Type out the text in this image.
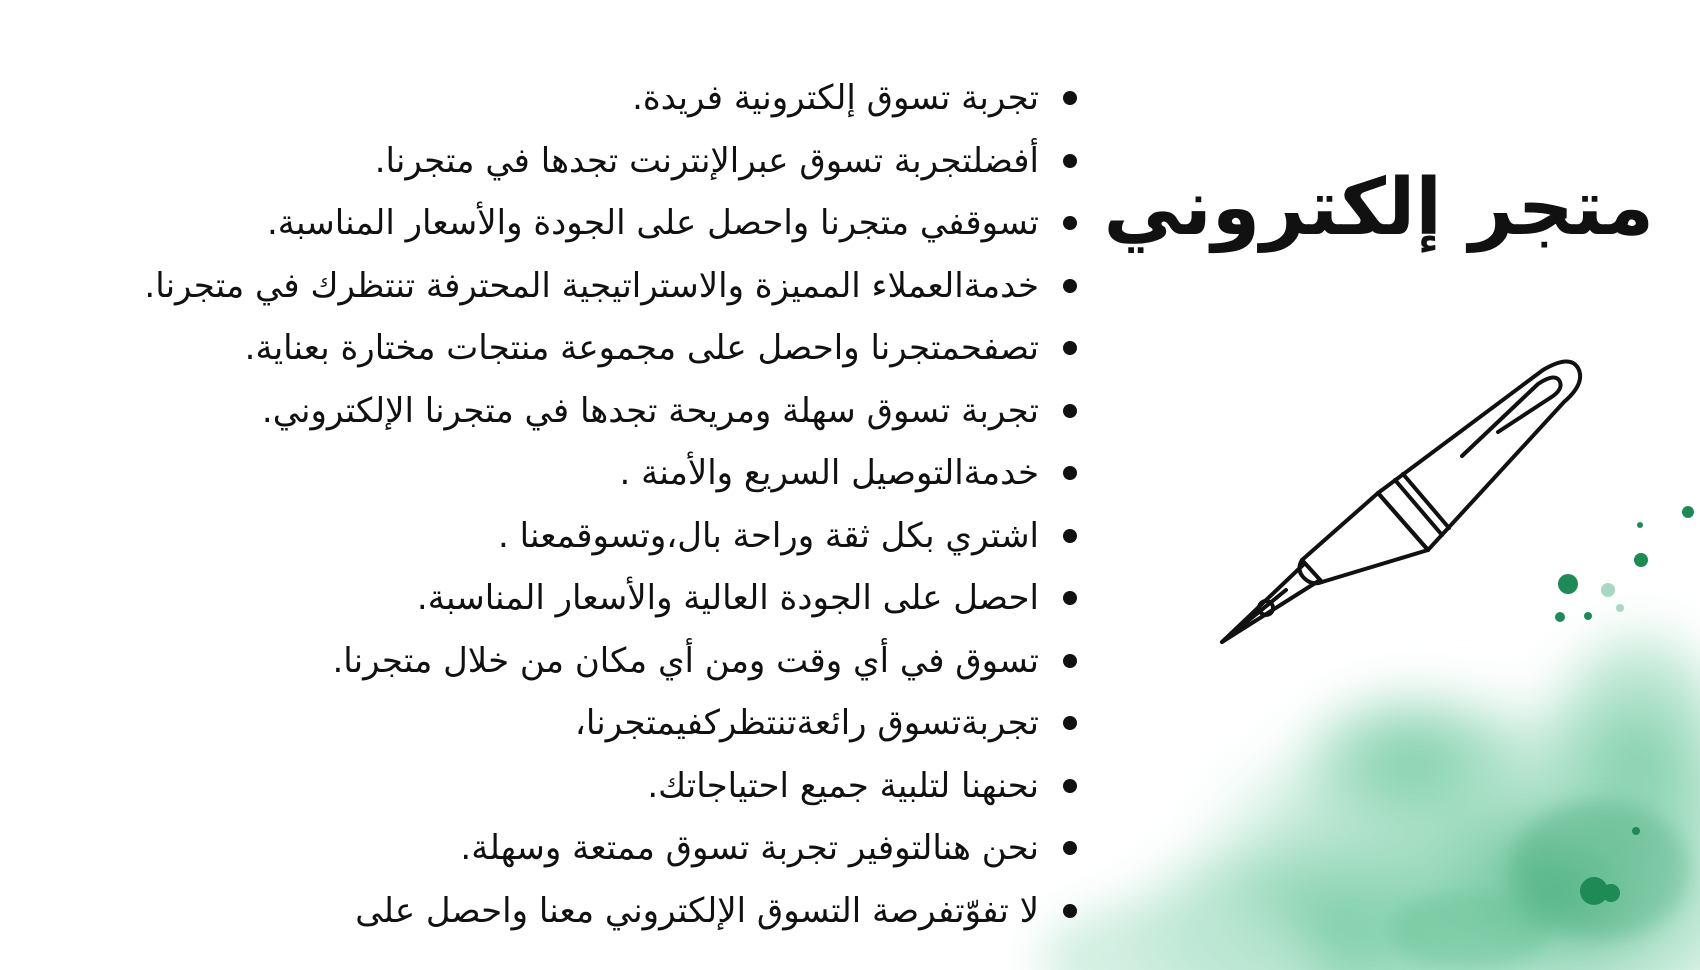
متجر إلكتروني
تجربة تسوق إلكترونية فريدة.
أفضلتجربة تسوق عبرالإنترنت تجدها في متجرنا.
تسوقفي متجرنا واحصل على الجودة والأسعار المناسبة.
خدمةالعملاء المميزة والاستراتيجية المحترفة تنتظرك في متجرنا.
تصفحمتجرنا واحصل على مجموعة منتجات مختارة بعناية.
تجربة تسوق سهلة ومريحة تجدها في متجرنا الإلكتروني.
خدمةالتوصيل السريع والأمنة .
اشتري بكل ثقة وراحة بال،وتسوقمعنا .
احصل على الجودة العالية والأسعار المناسبة.
تسوق في أي وقت ومن أي مكان من خلال متجرنا.
تجربةتسوق رائعةتنتظركفيمتجرنا،
نحنهنا لتلبية جميع احتياجاتك.
نحن هنالتوفير تجربة تسوق ممتعة وسهلة.
لا تفوّتفرصة التسوق الإلكتروني معنا واحصل على
